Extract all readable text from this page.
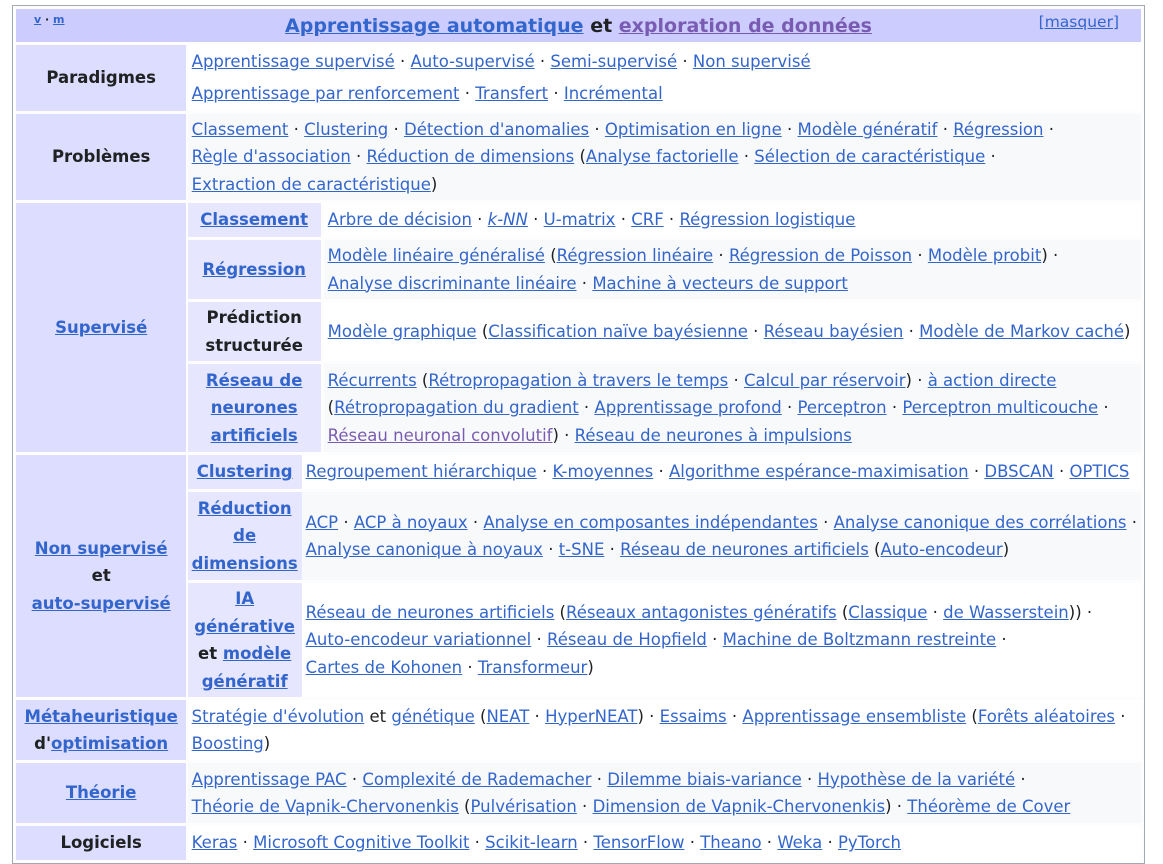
v · m	Apprentissage automatique et exploration de données	[masquer]

Paradigmes		Apprentissage supervisé · Auto-supervisé · Semi-supervisé · Non supervisé
Apprentissage par renforcement · Transfert · Incrémental
Problèmes		Classement · Clustering · Détection d'anomalies · Optimisation en ligne · Modèle génératif · Régression ·
Règle d'association · Réduction de dimensions (Analyse factorielle · Sélection de caractéristique ·
Extraction de caractéristique)
Supervisé		
Classement		Arbre de décision · k-NN · U-matrix · CRF · Régression logistique
Régression		Modèle linéaire généralisé (Régression linéaire · Régression de Poisson · Modèle probit) ·
Analyse discriminante linéaire · Machine à vecteurs de support
Prédiction structurée		Modèle graphique (Classification naïve bayésienne · Réseau bayésien · Modèle de Markov caché)
Réseau de neurones artificiels		Récurrents (Rétropropagation à travers le temps · Calcul par réservoir) · à action directe
(Rétropropagation du gradient · Apprentissage profond · Perceptron · Perceptron multicouche ·
Réseau neuronal convolutif) · Réseau de neurones à impulsions

Non supervisé
et
auto-supervisé		
Clustering		Regroupement hiérarchique · K-moyennes · Algorithme espérance-maximisation · DBSCAN · OPTICS
Réduction de dimensions		ACP · ACP à noyaux · Analyse en composantes indépendantes · Analyse canonique des corrélations ·
Analyse canonique à noyaux · t-SNE · Réseau de neurones artificiels (Auto-encodeur)
IA générative
et modèle génératif		Réseau de neurones artificiels (Réseaux antagonistes génératifs (Classique · de Wasserstein)) ·
Auto-encodeur variationnel · Réseau de Hopfield · Machine de Boltzmann restreinte ·
Cartes de Kohonen · Transformeur)

Métaheuristique
d'optimisation		Stratégie d'évolution et génétique (NEAT · HyperNEAT) · Essaims · Apprentissage ensembliste (Forêts aléatoires ·
Boosting)
Théorie		Apprentissage PAC · Complexité de Rademacher · Dilemme biais-variance · Hypothèse de la variété ·
Théorie de Vapnik-Chervonenkis (Pulvérisation · Dimension de Vapnik-Chervonenkis) · Théorème de Cover
Logiciels		Keras · Microsoft Cognitive Toolkit · Scikit-learn · TensorFlow · Theano · Weka · PyTorch
